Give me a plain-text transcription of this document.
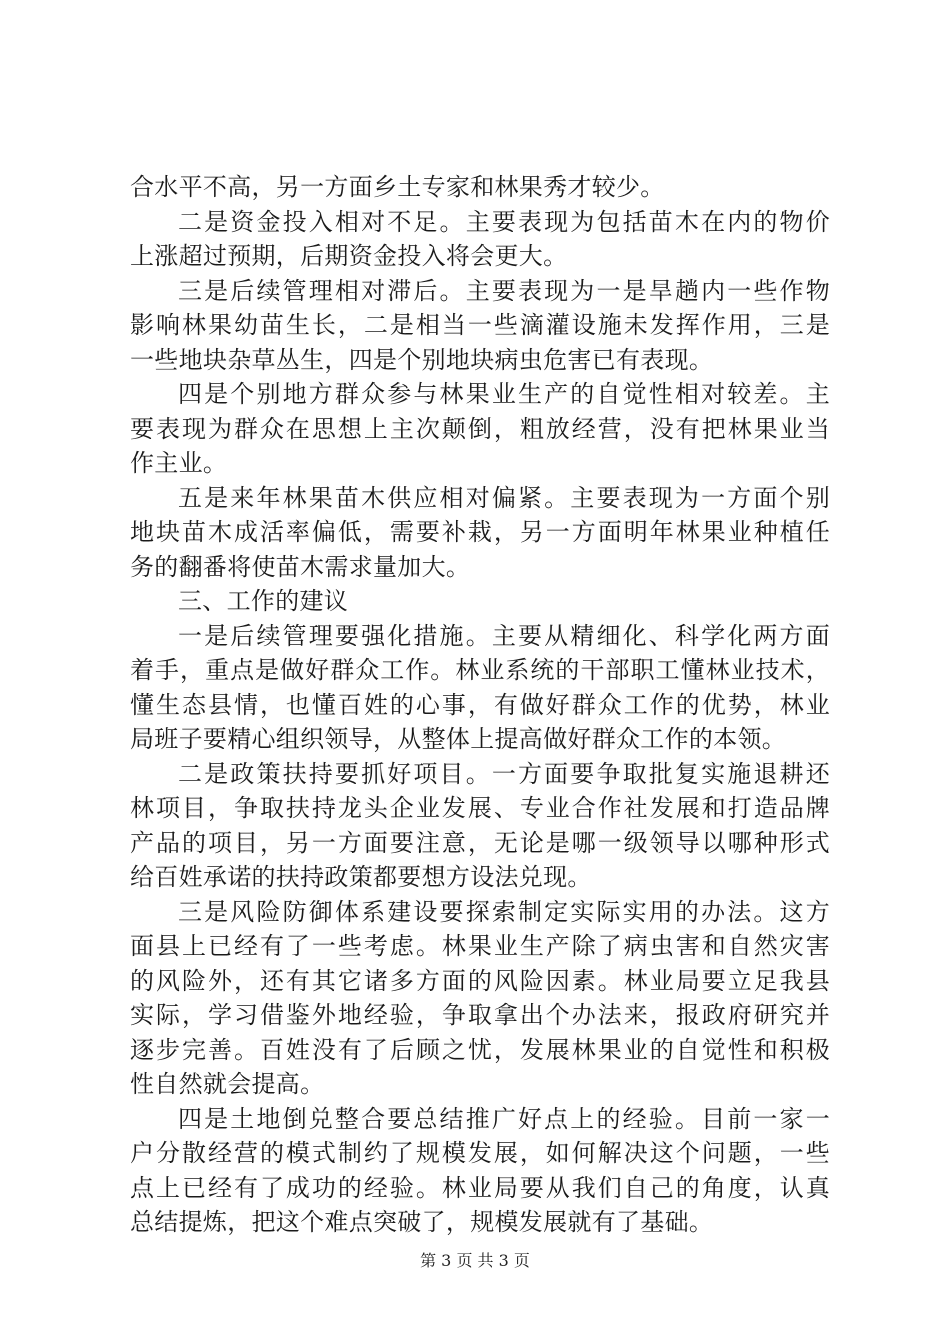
合水平不高，另一方面乡土专家和林果秀才较少。
二是资金投入相对不足。主要表现为包括苗木在内的物价
上涨超过预期，后期资金投入将会更大。
三是后续管理相对滞后。主要表现为一是旱趟内一些作物
影响林果幼苗生长，二是相当一些滴灌设施未发挥作用，三是
一些地块杂草丛生，四是个别地块病虫危害已有表现。
四是个别地方群众参与林果业生产的自觉性相对较差。主
要表现为群众在思想上主次颠倒，粗放经营，没有把林果业当
作主业。
五是来年林果苗木供应相对偏紧。主要表现为一方面个别
地块苗木成活率偏低，需要补栽，另一方面明年林果业种植任
务的翻番将使苗木需求量加大。
三、工作的建议
一是后续管理要强化措施。主要从精细化、科学化两方面
着手，重点是做好群众工作。林业系统的干部职工懂林业技术，
懂生态县情，也懂百姓的心事，有做好群众工作的优势，林业
局班子要精心组织领导，从整体上提高做好群众工作的本领。
二是政策扶持要抓好项目。一方面要争取批复实施退耕还
林项目，争取扶持龙头企业发展、专业合作社发展和打造品牌
产品的项目，另一方面要注意，无论是哪一级领导以哪种形式
给百姓承诺的扶持政策都要想方设法兑现。
三是风险防御体系建设要探索制定实际实用的办法。这方
面县上已经有了一些考虑。林果业生产除了病虫害和自然灾害
的风险外，还有其它诸多方面的风险因素。林业局要立足我县
实际，学习借鉴外地经验，争取拿出个办法来，报政府研究并
逐步完善。百姓没有了后顾之忧，发展林果业的自觉性和积极
性自然就会提高。
四是土地倒兑整合要总结推广好点上的经验。目前一家一
户分散经营的模式制约了规模发展，如何解决这个问题，一些
点上已经有了成功的经验。林业局要从我们自己的角度，认真
总结提炼，把这个难点突破了，规模发展就有了基础。
第 3 页 共 3 页
